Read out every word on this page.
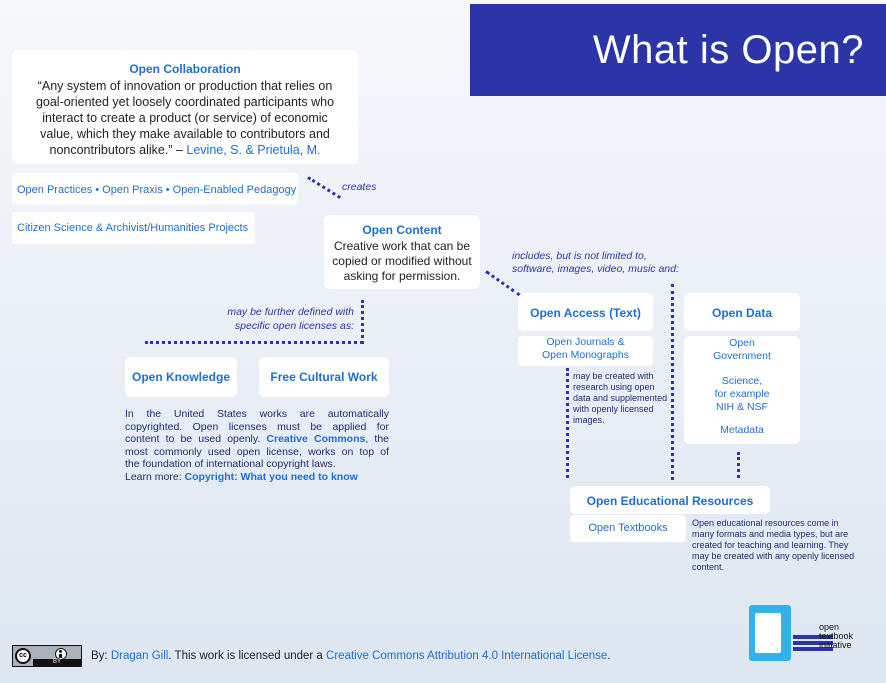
What is Open?
Open Collaboration
“Any system of innovation or production that relies on
goal-oriented yet loosely coordinated participants who
interact to create a product (or service) of economic
value, which they make available to contributors and
noncontributors alike.” – Levine, S. & Prietula, M.
Open Practices • Open Praxis • Open-Enabled Pedagogy
Citizen Science & Archivist/Humanities Projects
creates
Open Content
Creative work that can be
copied or modified without
asking for permission.
includes, but is not limited to,
software, images, video, music and:
may be further defined with
specific open licenses as:
Open Knowledge	Free Cultural Work
In the United States works are automatically
copyrighted. Open licenses must be applied for
content to be used openly. Creative Commons, the
most commonly used open license, works on top of
the foundation of international copyright laws.
Learn more: Copyright: What you need to know
Open Access (Text)
Open Journals &
Open Monographs
may be created with
research using open
data and supplemented
with openly licensed
images.
Open Data
Open
Government
Science,
for example
NIH & NSF
Metadata
Open Educational Resources
Open Textbooks	Open educational resources come in
many formats and media types, but are
created for teaching and learning. They
may be created with any openly licensed
content.
open
textbook
initiative
cc
BY	By: Dragan Gill. This work is licensed under a Creative Commons Attribution 4.0 International License.
